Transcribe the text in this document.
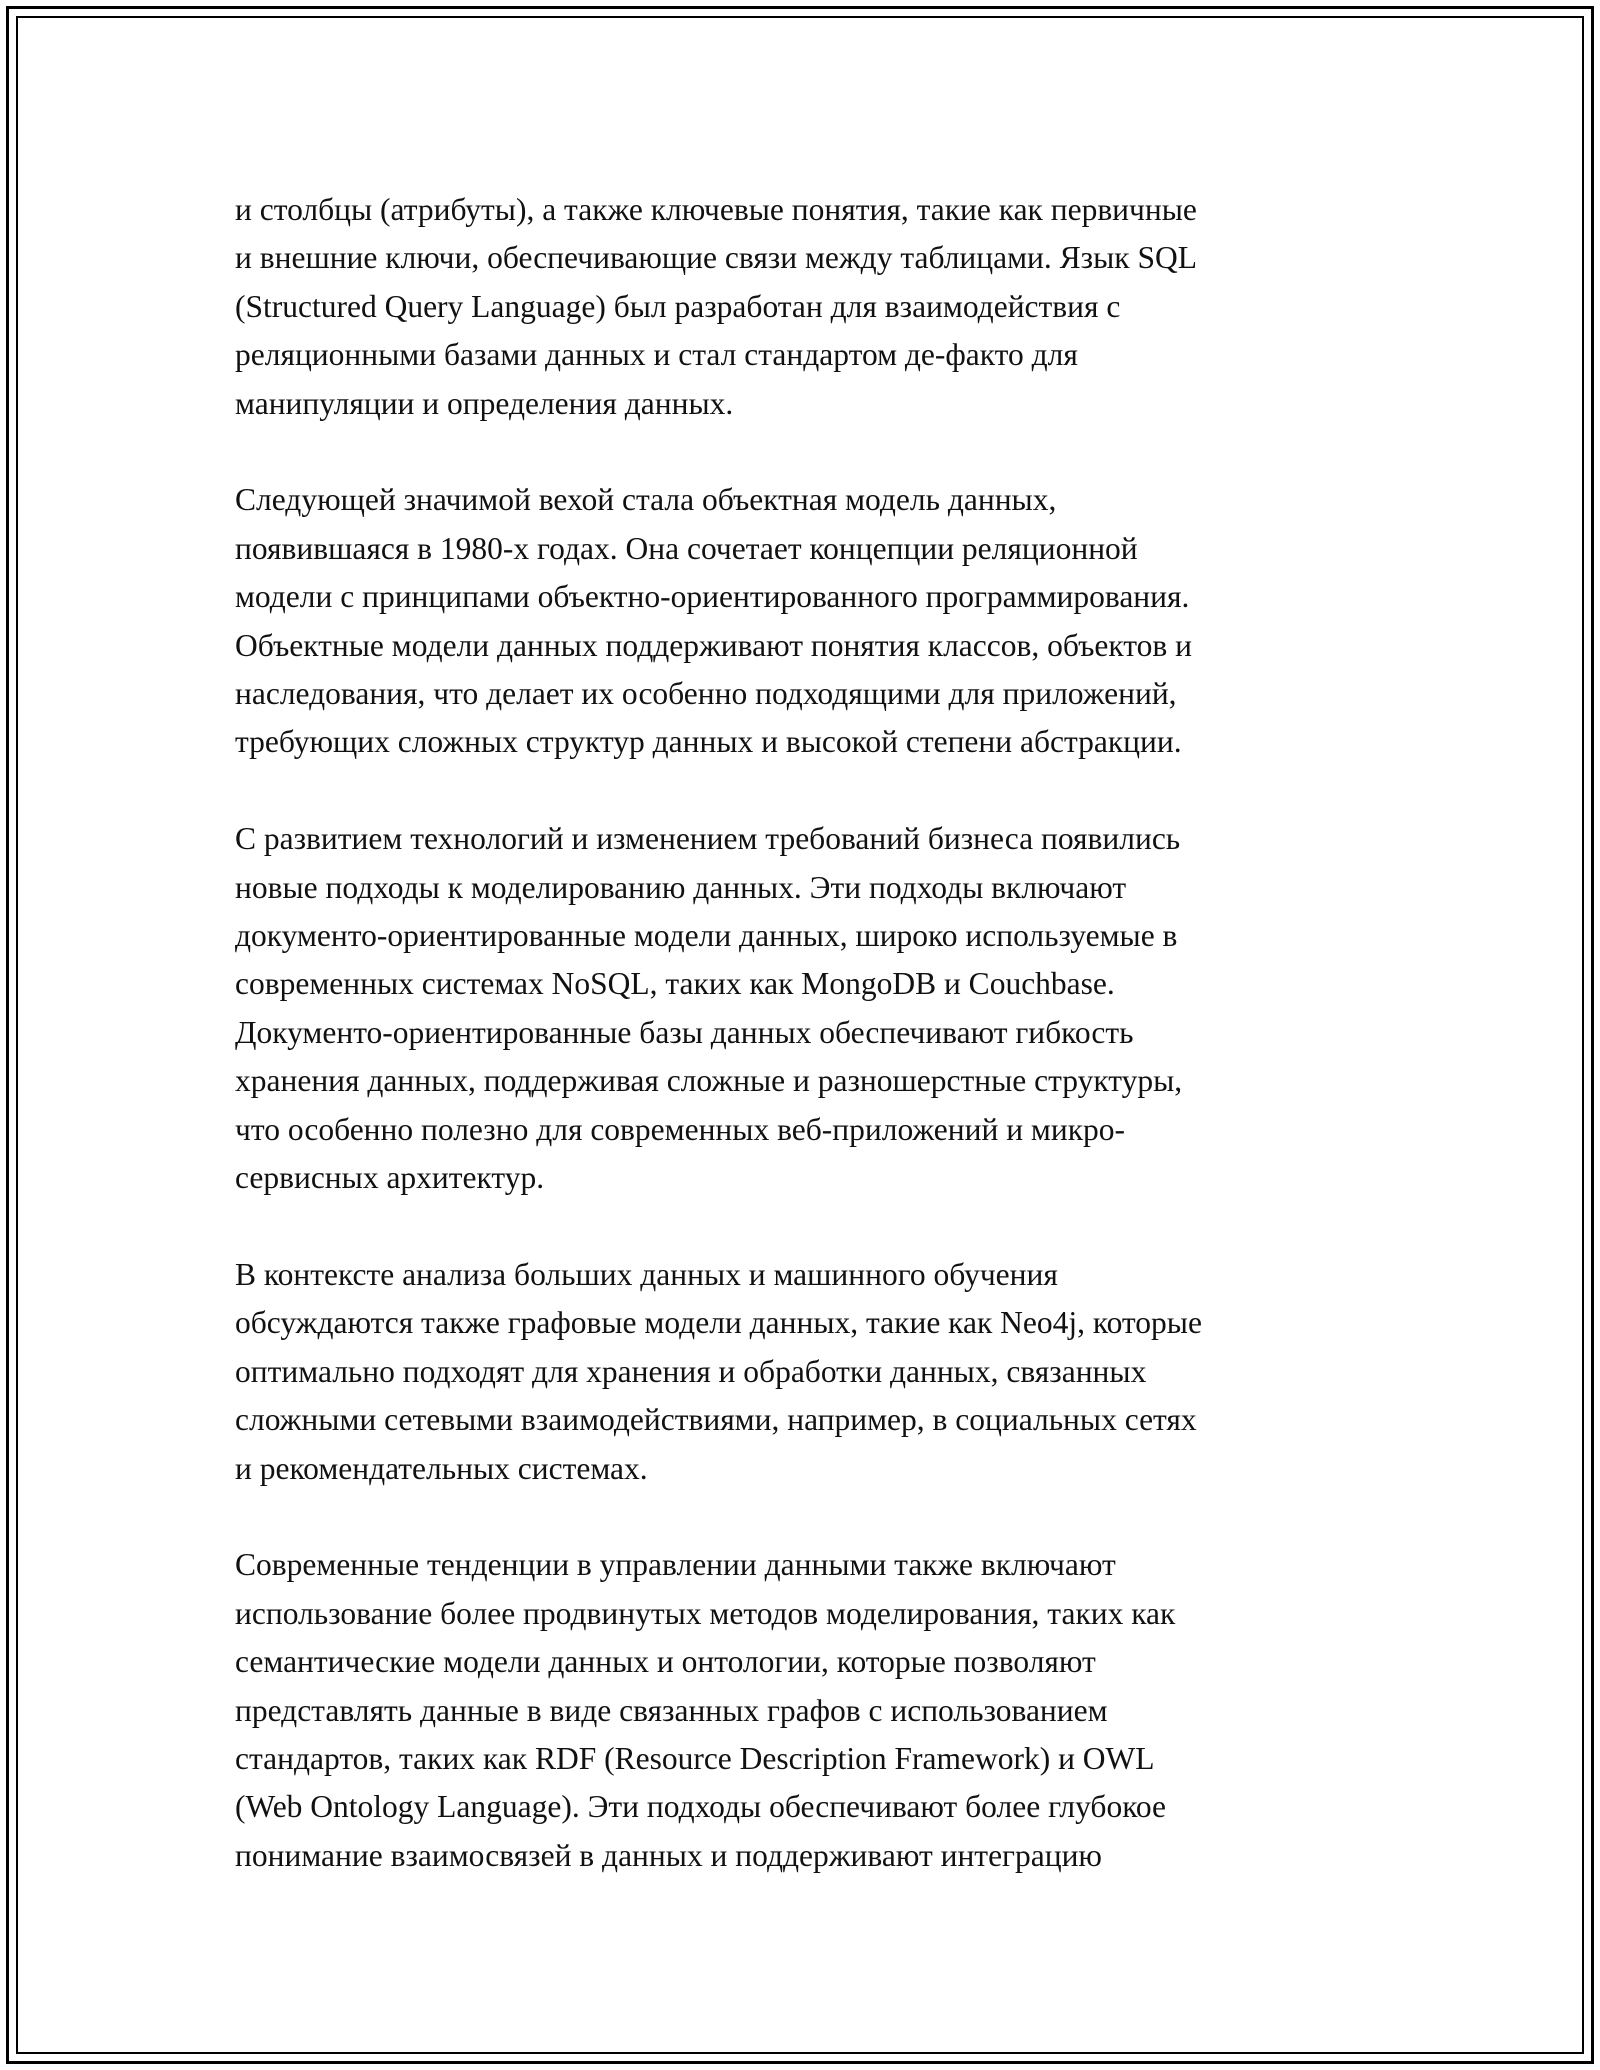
и столбцы (атрибуты), а также ключевые понятия, такие как первичные
и внешние ключи, обеспечивающие связи между таблицами. Язык SQL
(Structured Query Language) был разработан для взаимодействия с
реляционными базами данных и стал стандартом де-факто для
манипуляции и определения данных.

Следующей значимой вехой стала объектная модель данных,
появившаяся в 1980-х годах. Она сочетает концепции реляционной
модели с принципами объектно-ориентированного программирования.
Объектные модели данных поддерживают понятия классов, объектов и
наследования, что делает их особенно подходящими для приложений,
требующих сложных структур данных и высокой степени абстракции.

С развитием технологий и изменением требований бизнеса появились
новые подходы к моделированию данных. Эти подходы включают
документо-ориентированные модели данных, широко используемые в
современных системах NoSQL, таких как MongoDB и Couchbase.
Документо-ориентированные базы данных обеспечивают гибкость
хранения данных, поддерживая сложные и разношерстные структуры,
что особенно полезно для современных веб-приложений и микро-
сервисных архитектур.

В контексте анализа больших данных и машинного обучения
обсуждаются также графовые модели данных, такие как Neo4j, которые
оптимально подходят для хранения и обработки данных, связанных
сложными сетевыми взаимодействиями, например, в социальных сетях
и рекомендательных системах.

Современные тенденции в управлении данными также включают
использование более продвинутых методов моделирования, таких как
семантические модели данных и онтологии, которые позволяют
представлять данные в виде связанных графов с использованием
стандартов, таких как RDF (Resource Description Framework) и OWL
(Web Ontology Language). Эти подходы обеспечивают более глубокое
понимание взаимосвязей в данных и поддерживают интеграцию
